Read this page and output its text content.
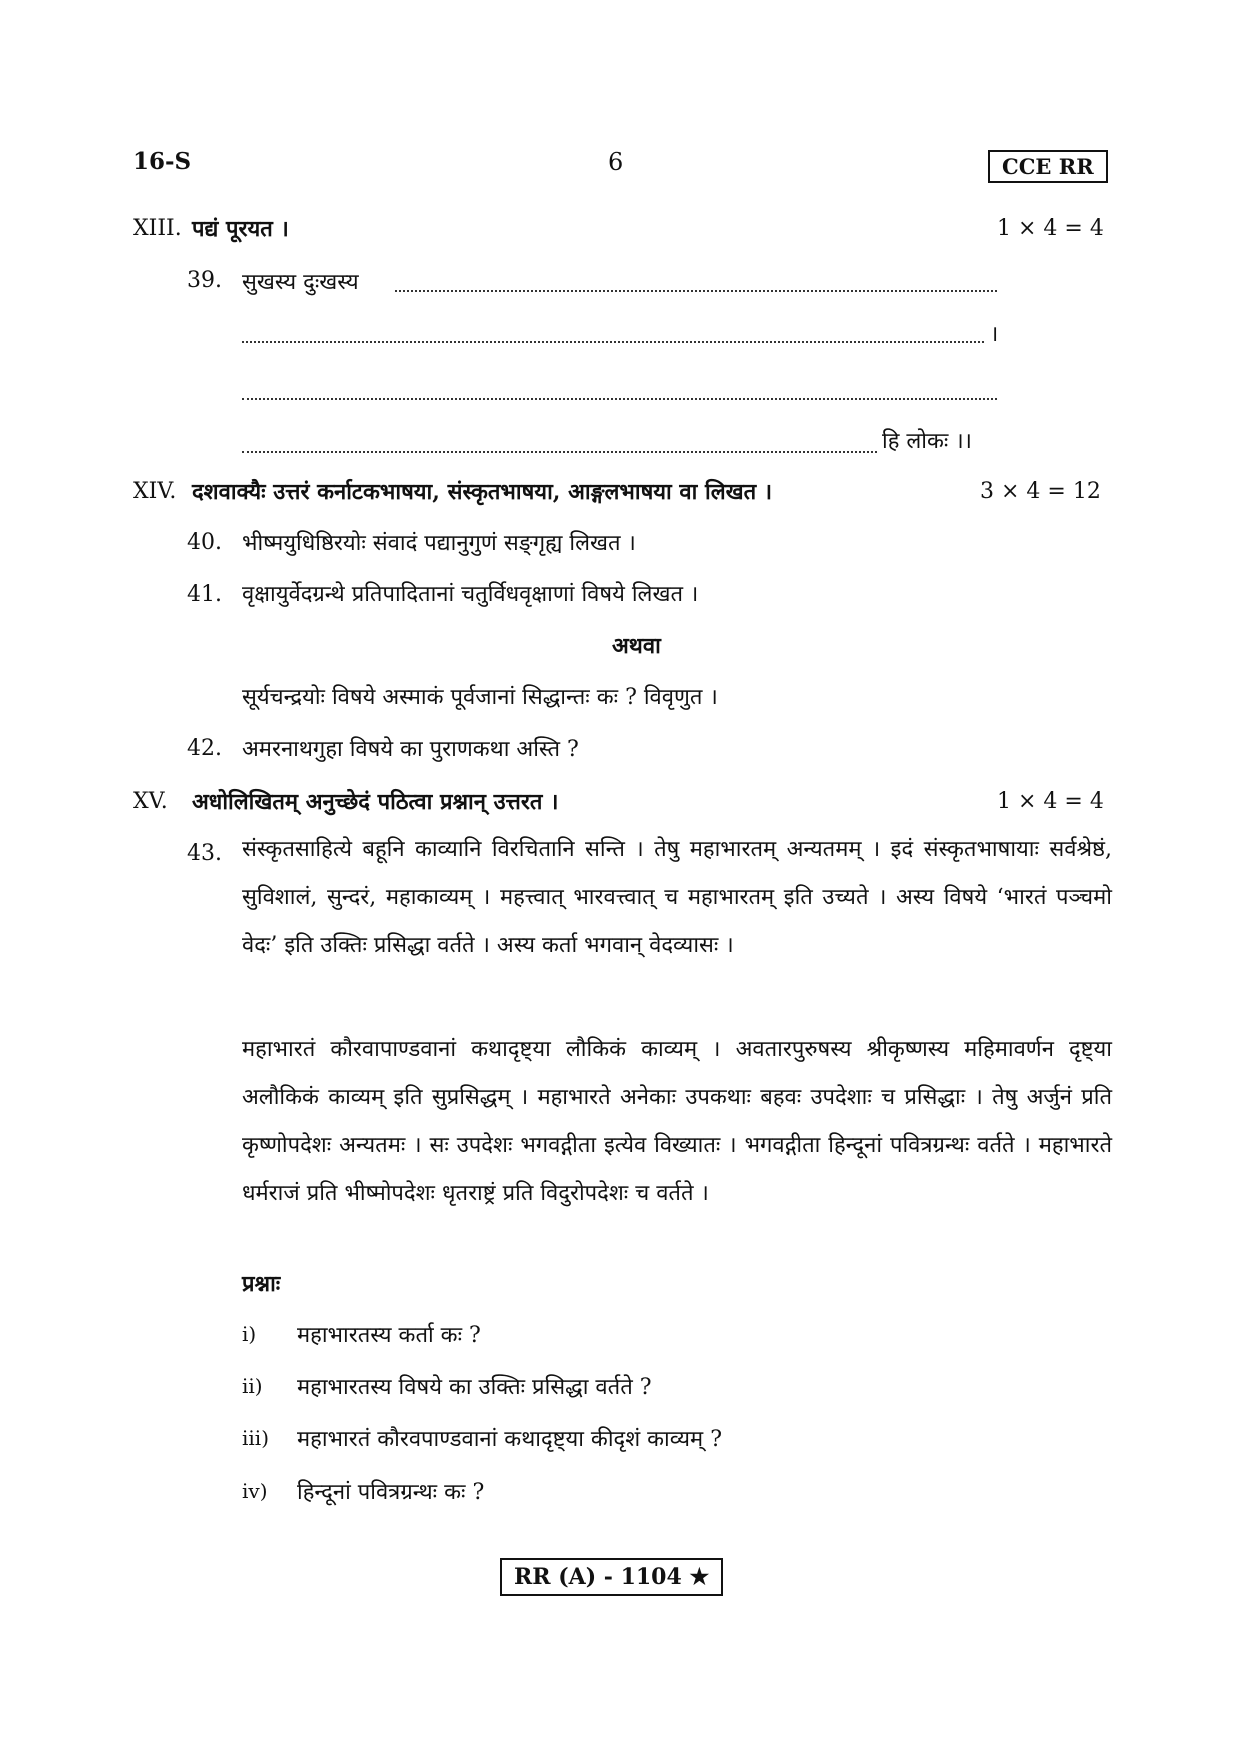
16-S	6	CCE RR
XIII. पद्यं पूरयत ।	1 × 4 = 4
39. सुखस्य दुःखस्य
।
हि लोकः ।।
XIV. दशवाक्यैः उत्तरं कर्नाटकभाषया, संस्कृतभाषया, आङ्गलभाषया वा लिखत ।	3 × 4 = 12
40. भीष्मयुधिष्ठिरयोः संवादं पद्यानुगुणं सङ्गृह्य लिखत ।
41. वृक्षायुर्वेदग्रन्थे प्रतिपादितानां चतुर्विधवृक्षाणां विषये लिखत ।
अथवा
सूर्यचन्द्रयोः विषये अस्माकं पूर्वजानां सिद्धान्तः कः ? विवृणुत ।
42. अमरनाथगुहा विषये का पुराणकथा अस्ति ?
XV. अधोलिखितम् अनुच्छेदं पठित्वा प्रश्नान् उत्तरत ।	1 × 4 = 4
43. संस्कृतसाहित्ये बहूनि काव्यानि विरचितानि सन्ति । तेषु महाभारतम् अन्यतमम् । इदं संस्कृतभाषायाः सर्वश्रेष्ठं, सुविशालं, सुन्दरं, महाकाव्यम् । महत्त्वात् भारवत्त्वात् च महाभारतम् इति उच्यते । अस्य विषये ‘भारतं पञ्चमो वेदः’ इति उक्तिः प्रसिद्धा वर्तते । अस्य कर्ता भगवान् वेदव्यासः ।
महाभारतं कौरवापाण्डवानां कथादृष्ट्या लौकिकं काव्यम् । अवतारपुरुषस्य श्रीकृष्णस्य महिमावर्णन दृष्ट्या अलौकिकं काव्यम् इति सुप्रसिद्धम् । महाभारते अनेकाः उपकथाः बहवः उपदेशाः च प्रसिद्धाः । तेषु अर्जुनं प्रति कृष्णोपदेशः अन्यतमः । सः उपदेशः भगवद्गीता इत्येव विख्यातः । भगवद्गीता हिन्दूनां पवित्रग्रन्थः वर्तते । महाभारते धर्मराजं प्रति भीष्मोपदेशः धृतराष्ट्रं प्रति विदुरोपदेशः च वर्तते ।
प्रश्नाः
i) महाभारतस्य कर्ता कः ?
ii) महाभारतस्य विषये का उक्तिः प्रसिद्धा वर्तते ?
iii) महाभारतं कौरवपाण्डवानां कथादृष्ट्या कीदृशं काव्यम् ?
iv) हिन्दूनां पवित्रग्रन्थः कः ?
RR (A) - 1104 ★
